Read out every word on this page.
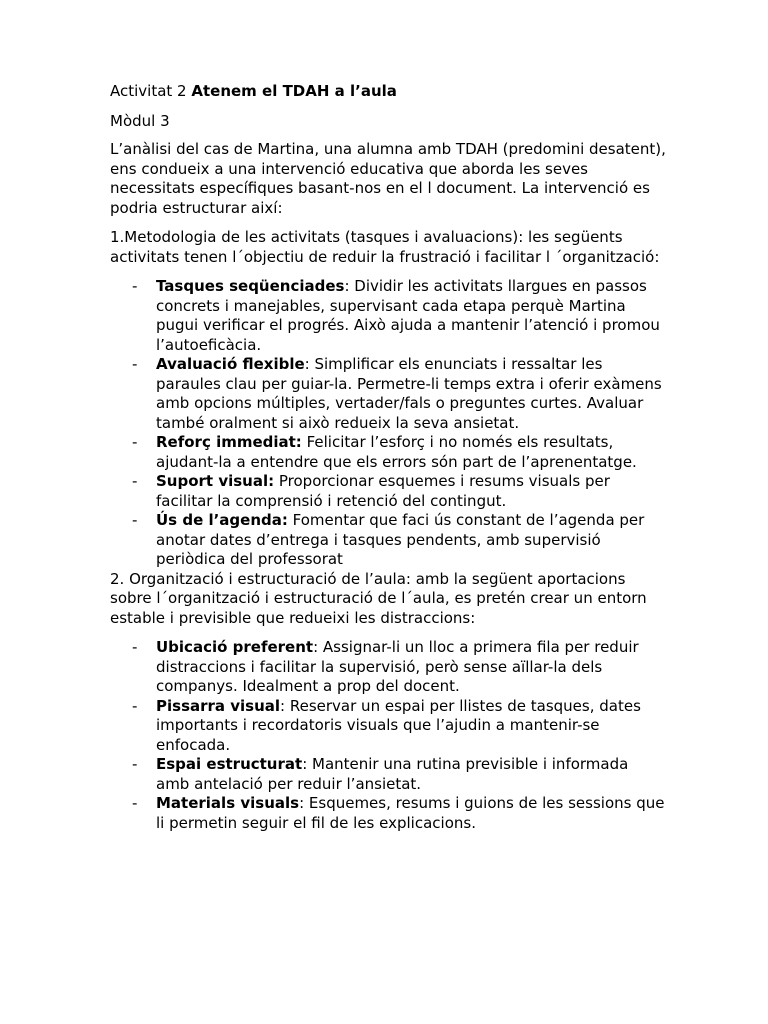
Activitat 2 Atenem el TDAH a l’aula

Mòdul 3

L’anàlisi del cas de Martina, una alumna amb TDAH (predomini desatent), ens condueix a una intervenció educativa que aborda les seves necessitats específiques basant-nos en el l document. La intervenció es podria estructurar així:

1.Metodologia de les activitats (tasques i avaluacions): les següents activitats tenen l´objectiu de reduir la frustració i facilitar l ´organització:

- Tasques seqüenciades: Dividir les activitats llargues en passos concrets i manejables, supervisant cada etapa perquè Martina pugui verificar el progrés. Això ajuda a mantenir l’atenció i promou l’autoeficàcia.
- Avaluació flexible: Simplificar els enunciats i ressaltar les paraules clau per guiar-la. Permetre-li temps extra i oferir exàmens amb opcions múltiples, vertader/fals o preguntes curtes. Avaluar també oralment si això redueix la seva ansietat.
- Reforç immediat: Felicitar l’esforç i no només els resultats, ajudant-la a entendre que els errors són part de l’aprenentatge.
- Suport visual: Proporcionar esquemes i resums visuals per facilitar la comprensió i retenció del contingut.
- Ús de l’agenda: Fomentar que faci ús constant de l’agenda per anotar dates d’entrega i tasques pendents, amb supervisió periòdica del professorat

2. Organització i estructuració de l’aula: amb la següent aportacions sobre l´organització i estructuració de l´aula, es pretén crear un entorn estable i previsible que redueixi les distraccions:

- Ubicació preferent: Assignar-li un lloc a primera fila per reduir distraccions i facilitar la supervisió, però sense aïllar-la dels companys. Idealment a prop del docent.
- Pissarra visual: Reservar un espai per llistes de tasques, dates importants i recordatoris visuals que l’ajudin a mantenir-se enfocada.
- Espai estructurat: Mantenir una rutina previsible i informada amb antelació per reduir l’ansietat.
- Materials visuals: Esquemes, resums i guions de les sessions que li permetin seguir el fil de les explicacions.
